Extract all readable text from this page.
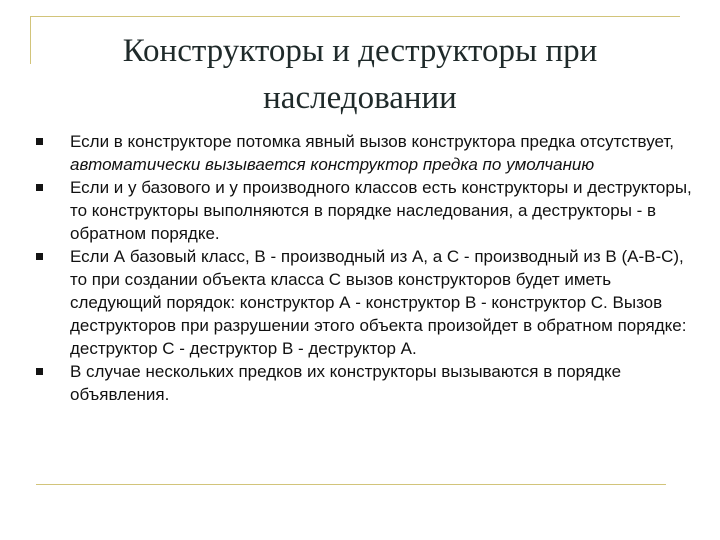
Конструкторы и деструкторы при
наследовании
Если в конструкторе потомка явный вызов конструктора предка отсутствует, автоматически вызывается конструктор предка по умолчанию
Если и у базового и у производного классов есть конструкторы и деструкторы, то конструкторы выполняются в порядке наследования, а деструкторы - в обратном порядке.
Если А базовый класс, В - производный из А, а С - производный из В (А-В-С), то при создании объекта класса С вызов конструкторов будет иметь следующий порядок: конструктор А - конструктор В - конструктор С. Вызов деструкторов при разрушении этого объекта произойдет в обратном порядке: деструктор С - деструктор В - деструктор А.
В случае нескольких предков их конструкторы вызываются в порядке объявления.
